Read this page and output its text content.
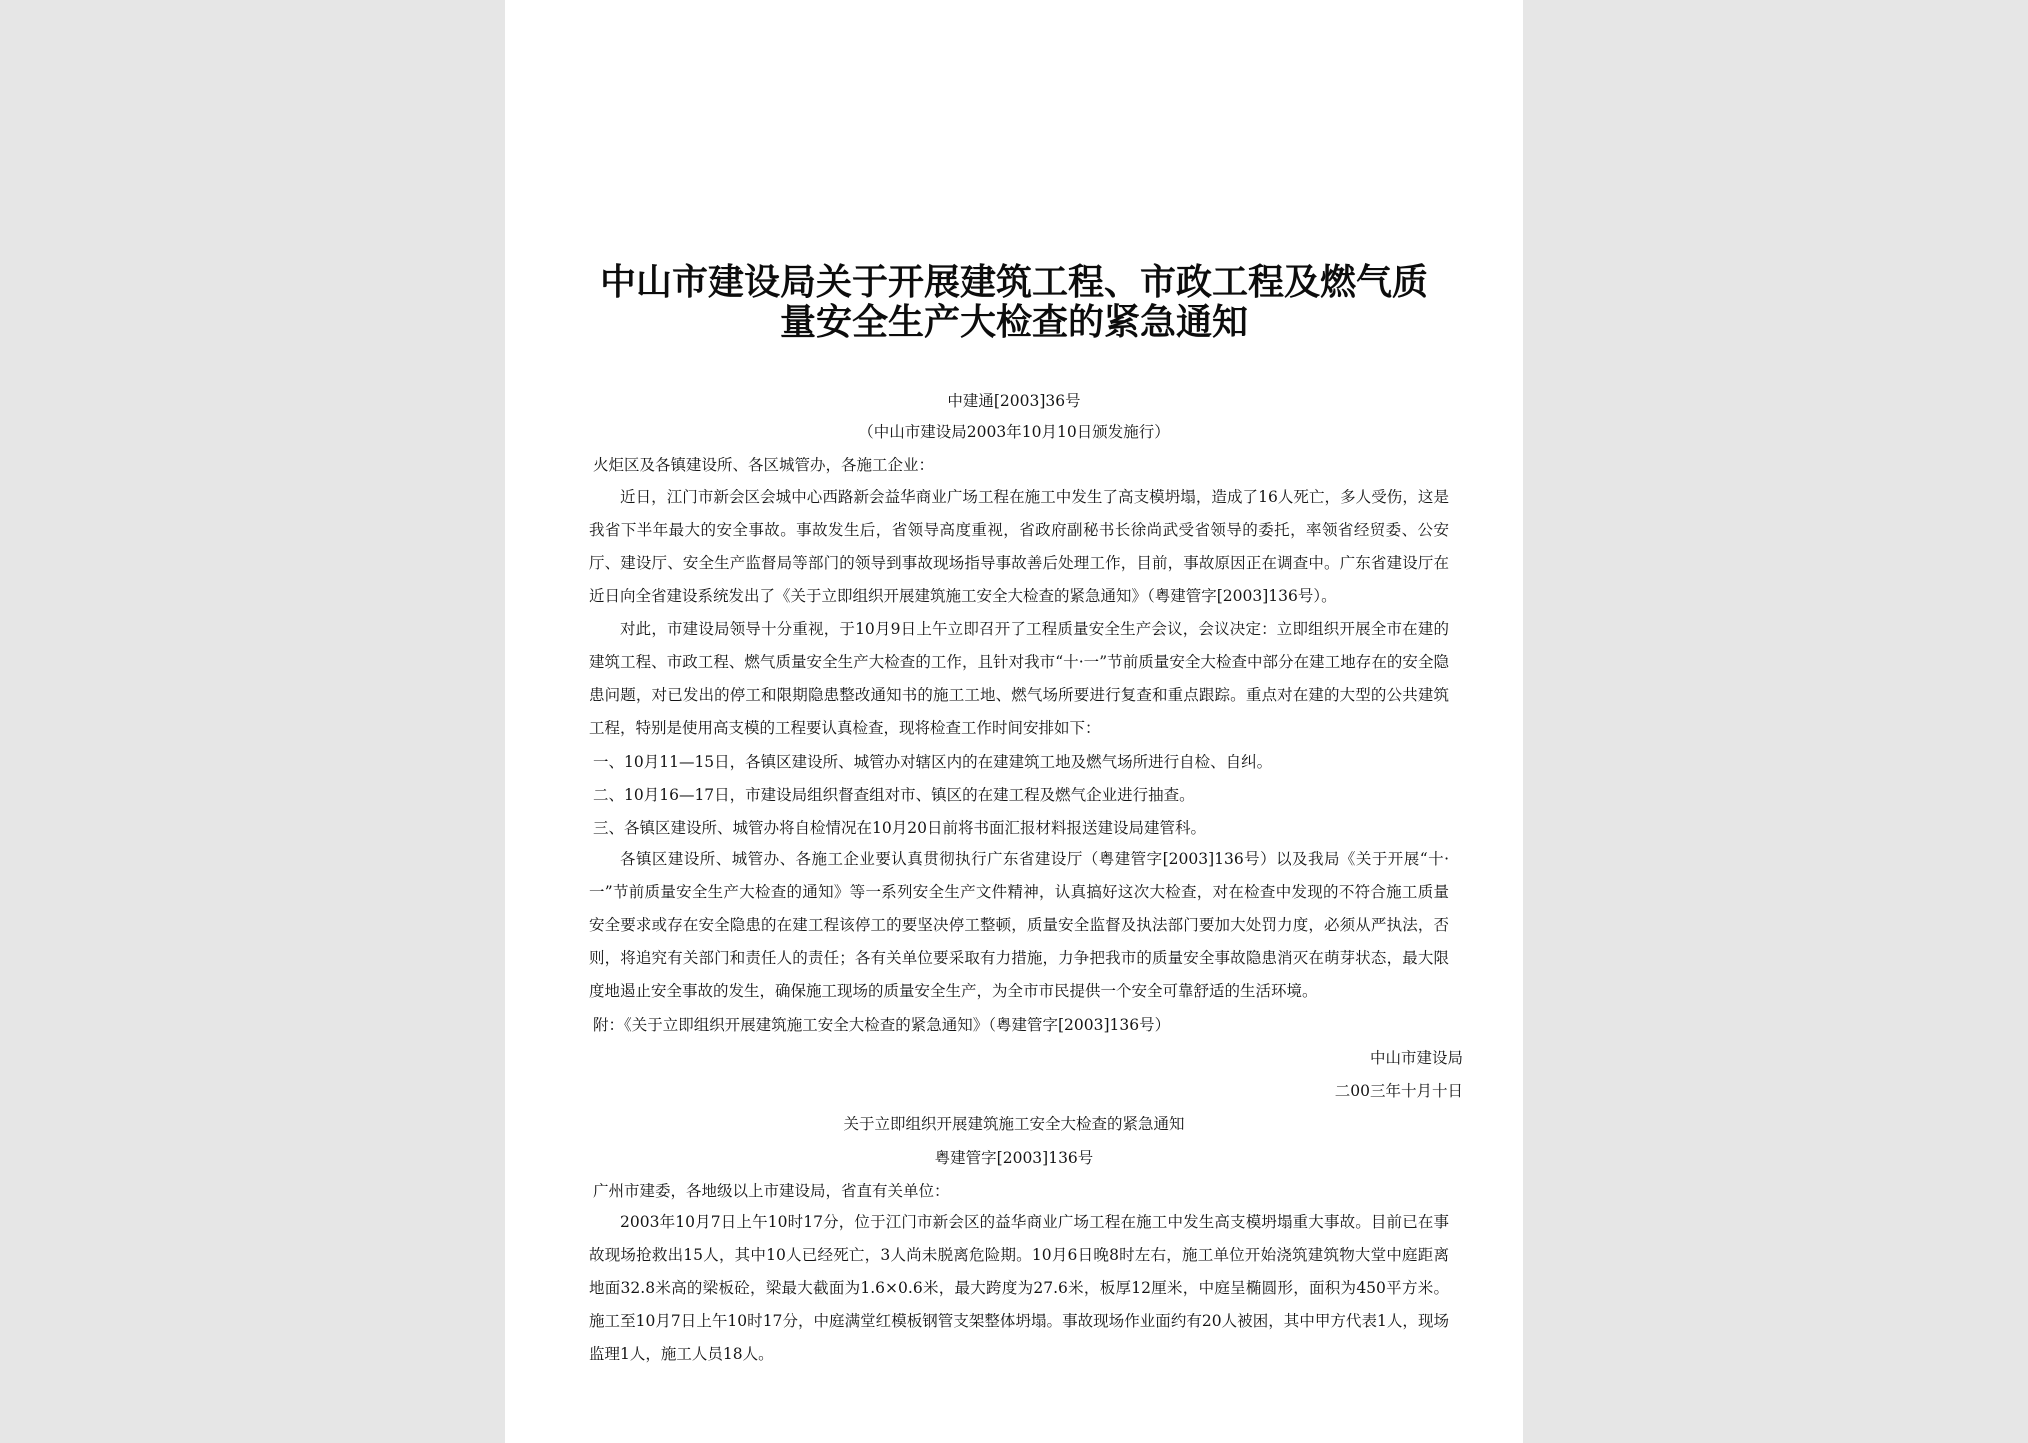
中山市建设局关于开展建筑工程、市政工程及燃气质量安全生产大检查的紧急通知
中建通[2003]36号
（中山市建设局2003年10月10日颁发施行）
火炬区及各镇建设所、各区城管办，各施工企业：
近日，江门市新会区会城中心西路新会益华商业广场工程在施工中发生了高支模坍塌，造成了16人死亡，多人受伤，这是我省下半年最大的安全事故。事故发生后，省领导高度重视，省政府副秘书长徐尚武受省领导的委托，率领省经贸委、公安厅、建设厅、安全生产监督局等部门的领导到事故现场指导事故善后处理工作，目前，事故原因正在调查中。广东省建设厅在近日向全省建设系统发出了《关于立即组织开展建筑施工安全大检查的紧急通知》（粤建管字[2003]136号）。
对此，市建设局领导十分重视，于10月9日上午立即召开了工程质量安全生产会议，会议决定：立即组织开展全市在建的建筑工程、市政工程、燃气质量安全生产大检查的工作，且针对我市“十·一”节前质量安全大检查中部分在建工地存在的安全隐患问题，对已发出的停工和限期隐患整改通知书的施工工地、燃气场所要进行复查和重点跟踪。重点对在建的大型的公共建筑工程，特别是使用高支模的工程要认真检查，现将检查工作时间安排如下：
一、10月11—15日，各镇区建设所、城管办对辖区内的在建建筑工地及燃气场所进行自检、自纠。
二、10月16—17日，市建设局组织督查组对市、镇区的在建工程及燃气企业进行抽查。
三、各镇区建设所、城管办将自检情况在10月20日前将书面汇报材料报送建设局建管科。
各镇区建设所、城管办、各施工企业要认真贯彻执行广东省建设厅（粤建管字[2003]136号）以及我局《关于开展“十·一”节前质量安全生产大检查的通知》等一系列安全生产文件精神，认真搞好这次大检查，对在检查中发现的不符合施工质量安全要求或存在安全隐患的在建工程该停工的要坚决停工整顿，质量安全监督及执法部门要加大处罚力度，必须从严执法，否则，将追究有关部门和责任人的责任；各有关单位要采取有力措施，力争把我市的质量安全事故隐患消灭在萌芽状态，最大限度地遏止安全事故的发生，确保施工现场的质量安全生产，为全市市民提供一个安全可靠舒适的生活环境。
附：《关于立即组织开展建筑施工安全大检查的紧急通知》（粤建管字[2003]136号）
中山市建设局
二00三年十月十日
关于立即组织开展建筑施工安全大检查的紧急通知
粤建管字[2003]136号
广州市建委，各地级以上市建设局，省直有关单位：
2003年10月7日上午10时17分，位于江门市新会区的益华商业广场工程在施工中发生高支模坍塌重大事故。目前已在事故现场抢救出15人，其中10人已经死亡，3人尚未脱离危险期。10月6日晚8时左右，施工单位开始浇筑建筑物大堂中庭距离地面32.8米高的梁板砼，梁最大截面为1.6×0.6米，最大跨度为27.6米，板厚12厘米，中庭呈椭圆形，面积为450平方米。施工至10月7日上午10时17分，中庭满堂红模板钢管支架整体坍塌。事故现场作业面约有20人被困，其中甲方代表1人，现场监理1人，施工人员18人。
